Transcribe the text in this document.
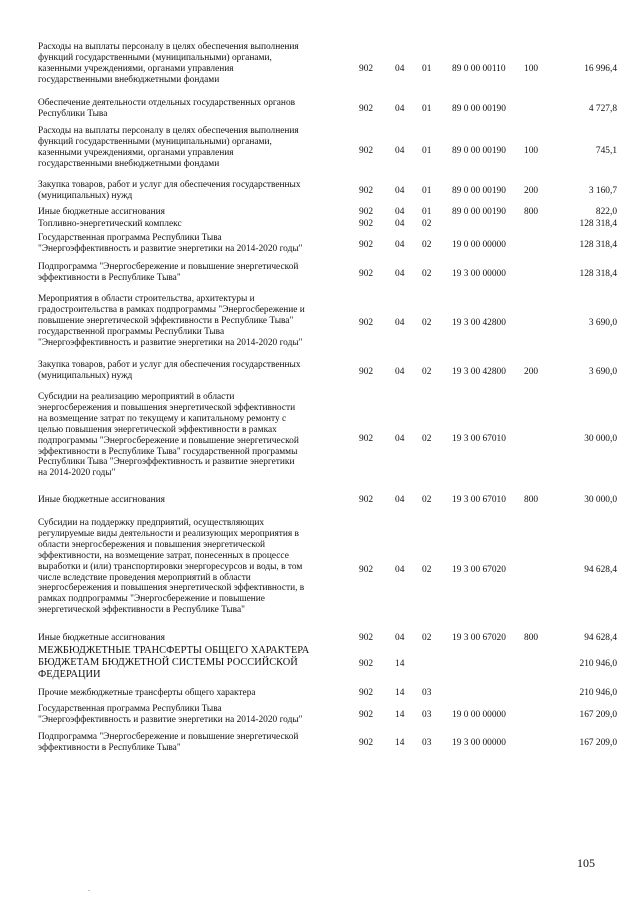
Расходы на выплаты персоналу в целях обеспечения выполнения
функций государственными (муниципальными) органами,
казенными учреждениями, органами управления
государственными внебюджетными фондами
902 04 01 89 0 00 00110 100	16 996,4
Обеспечение деятельности отдельных государственных органов
Республики Тыва	902 04 01 89 0 00 00190	4 727,8
Расходы на выплаты персоналу в целях обеспечения выполнения
функций государственными (муниципальными) органами,
казенными учреждениями, органами управления
государственными внебюджетными фондами
902 04 01 89 0 00 00190 100	745,1
Закупка товаров, работ и услуг для обеспечения государственных
(муниципальных) нужд	902 04 01 89 0 00 00190 200	3 160,7
Иные бюджетные ассигнования	902 04 01 89 0 00 00190 800	822,0
Топливно-энергетический комплекс	902 04 02	128 318,4
Государственная программа Республики Тыва
"Энергоэффективность и развитие энергетики на 2014-2020 годы"	902 04 02 19 0 00 00000	128 318,4
Подпрограмма "Энергосбережение и повышение энергетической
эффективности в Республике Тыва"	902 04 02 19 3 00 00000	128 318,4
Мероприятия в области строительства, архитектуры и
градостроительства в рамках подпрограммы "Энергосбережение и
повышение энергетической эффективности в Республике Тыва"
государственной программы Республики Тыва
"Энергоэффективность и развитие энергетики на 2014-2020 годы"
902 04 02 19 3 00 42800	3 690,0
Закупка товаров, работ и услуг для обеспечения государственных
(муниципальных) нужд	902 04 02 19 3 00 42800 200	3 690,0
Субсидии на реализацию мероприятий в области
энергосбережения и повышения энергетической эффективности
на возмещение затрат по текущему и капитальному ремонту с
целью повышения энергетической эффективности в рамках
подпрограммы "Энергосбережение и повышение энергетической
эффективности в Республике Тыва" государственной программы
Республики Тыва "Энергоэффективность и развитие энергетики
на 2014-2020 годы"
902 04 02 19 3 00 67010	30 000,0
Иные бюджетные ассигнования	902 04 02 19 3 00 67010 800	30 000,0
Субсидии на поддержку предприятий, осуществляющих
регулируемые виды деятельности и реализующих мероприятия в
области энергосбережения и повышения энергетической
эффективности, на возмещение затрат, понесенных в процессе
выработки и (или) транспортировки энергоресурсов и воды, в том
числе вследствие проведения мероприятий в области
энергосбережения и повышения энергетической эффективности, в
рамках подпрограммы "Энергосбережение и повышение
энергетической эффективности в Республике Тыва"
902 04 02 19 3 00 67020	94 628,4
Иные бюджетные ассигнования	902 04 02 19 3 00 67020 800	94 628,4
МЕЖБЮДЖЕТНЫЕ ТРАНСФЕРТЫ ОБЩЕГО ХАРАКТЕРА
БЮДЖЕТАМ БЮДЖЕТНОЙ СИСТЕМЫ РОССИЙСКОЙ
ФЕДЕРАЦИИ
902 14	210 946,0
Прочие межбюджетные трансферты общего характера	902 14 03	210 946,0
Государственная программа Республики Тыва
"Энергоэффективность и развитие энергетики на 2014-2020 годы"	902 14 03 19 0 00 00000	167 209,0
Подпрограмма "Энергосбережение и повышение энергетической
эффективности в Республике Тыва"	902 14 03 19 3 00 00000	167 209,0
105
